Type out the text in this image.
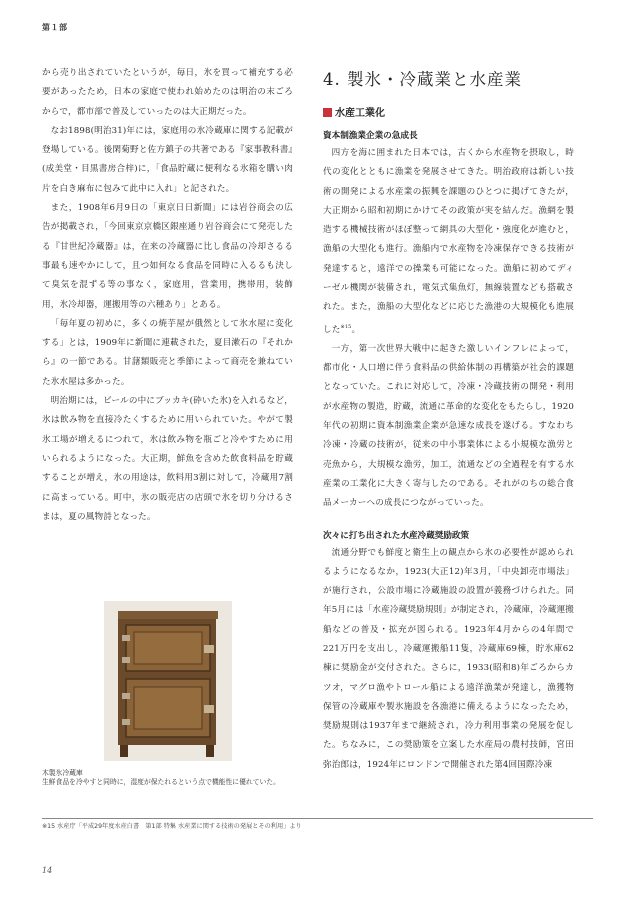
第１部

から売り出されていたというが，毎日，氷を買って補充する必要があったため，日本の家庭で使われ始めたのは明治の末ごろからで，都市部で普及していったのは大正期だった。

なお1898(明治31)年には，家庭用の氷冷蔵庫に関する記載が登場している。後閑菊野と佐方鎮子の共著である『家事教科書』(成美堂・目黒書房合梓)に，「食品貯蔵に便利なる氷箱を購い肉片を白き麻布に包みて此中に入れ」と記された。

また，1908年6月9日の「東京日日新聞」には岩谷商会の広告が掲載され，「今回東京京橋区銀座通り岩谷商会にて発売したる『甘世紀冷蔵器』は，在来の冷蔵器に比し食品の冷却さるる事最も速やかにして，且つ如何なる食品を同時に入るるも決して臭気を混ずる等の事なく，家庭用，営業用，携帯用，装飾用，氷冷却器，運搬用等の六種あり」とある。

「毎年夏の初めに，多くの焼芋屋が俄然として氷水屋に変化する」とは，1909年に新聞に連載された，夏目漱石の『それから』の一節である。甘藷類販売と季節によって商売を兼ねていた氷水屋は多かった。

明治期には，ビールの中にブッカキ(砕いた氷)を入れるなど，氷は飲み物を直接冷たくするために用いられていた。やがて製氷工場が増えるにつれて，氷は飲み物を瓶ごと冷やすために用いられるようになった。大正期，鮮魚を含めた飲食料品を貯蔵することが増え，氷の用途は，飲料用3割に対して，冷蔵用7割に高まっている。町中，氷の販売店の店頭で氷を切り分けるさまは，夏の風物詩となった。

木製氷冷蔵庫
生鮮食品を冷やすと同時に，湿度が保たれるという点で機能性に優れていた。
4. 製氷・冷蔵業と水産業
水産工業化

資本制漁業企業の急成長

四方を海に囲まれた日本では，古くから水産物を摂取し，時代の変化とともに漁業を発展させてきた。明治政府は新しい技術の開発による水産業の振興を課題のひとつに掲げてきたが，大正期から昭和初期にかけてその政策が実を結んだ。漁網を製造する機械技術がほぼ整って網具の大型化・強度化が進むと，漁船の大型化も進行。漁船内で水産物を冷凍保存できる技術が発達すると，遠洋での操業も可能になった。漁船に初めてディーゼル機関が装備され，電気式集魚灯，無線装置なども搭載された。また，漁船の大型化などに応じた漁港の大規模化も進展した$^{※15}$。

一方，第一次世界大戦中に起きた激しいインフレによって，都市化・人口増に伴う食料品の供給体制の再構築が社会的課題となっていた。これに対応して，冷凍・冷蔵技術の開発・利用が水産物の製造，貯蔵，流通に革命的な変化をもたらし，1920年代の初期に資本制漁業企業が急速な成長を遂げる。すなわち冷凍・冷蔵の技術が，従来の中小事業体による小規模な漁労と売魚から，大規模な漁労，加工，流通などの全過程を有する水産業の工業化に大きく寄与したのである。それがのちの総合食品メーカーへの成長につながっていった。

次々に打ち出された水産冷蔵奨励政策

流通分野でも鮮度と衛生上の観点から氷の必要性が認められるようになるなか，1923(大正12)年3月，「中央卸売市場法」が施行され，公設市場に冷蔵施設の設置が義務づけられた。同年5月には「水産冷蔵奨励規則」が制定され，冷蔵庫，冷蔵運搬船などの普及・拡充が図られる。1923年4月からの4年間で221万円を支出し，冷蔵運搬船11隻，冷蔵庫69棟，貯氷庫62棟に奨励金が交付された。さらに，1933(昭和8)年ごろからカツオ，マグロ漁やトロール船による遠洋漁業が発達し，漁獲物保管の冷蔵庫や製氷施設を各漁港に備えるようになったため，奨励規則は1937年まで継続され，冷力利用事業の発展を促した。ちなみに，この奨励策を立案した水産局の農村技師，宮田弥治郎は，1924年にロンドンで開催された第4回国際冷凍

※15 水産庁「平成29年度水産白書　第1部 特集 水産業に関する技術の発展とその利用」より
14
